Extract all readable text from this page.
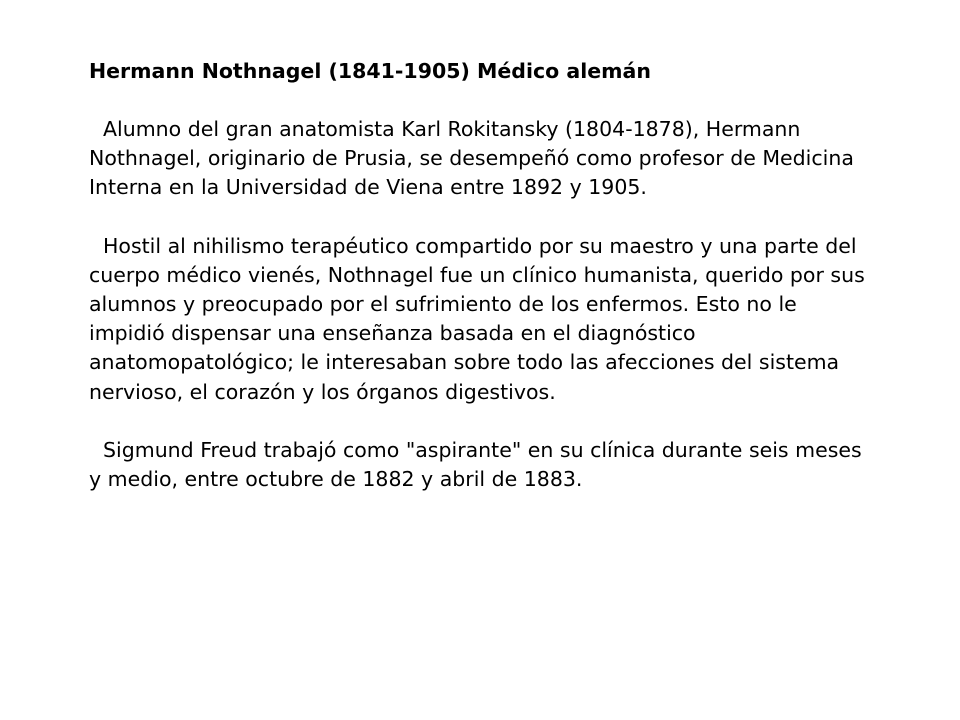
Hermann Nothnagel (1841-1905) Médico alemán

Alumno del gran anatomista Karl Rokitansky (1804-1878), Hermann Nothnagel, originario de Prusia, se desempeñó como profesor de Medicina Interna en la Universidad de Viena entre 1892 y 1905.

Hostil al nihilismo terapéutico compartido por su maestro y una parte del cuerpo médico vienés, Nothnagel fue un clínico humanista, querido por sus alumnos y preocupado por el sufrimiento de los enfermos. Esto no le impidió dispensar una enseñanza basada en el diagnóstico anatomopatológico; le interesaban sobre todo las afecciones del sistema nervioso, el corazón y los órganos digestivos.

Sigmund Freud trabajó como "aspirante" en su clínica durante seis meses y medio, entre octubre de 1882 y abril de 1883.
